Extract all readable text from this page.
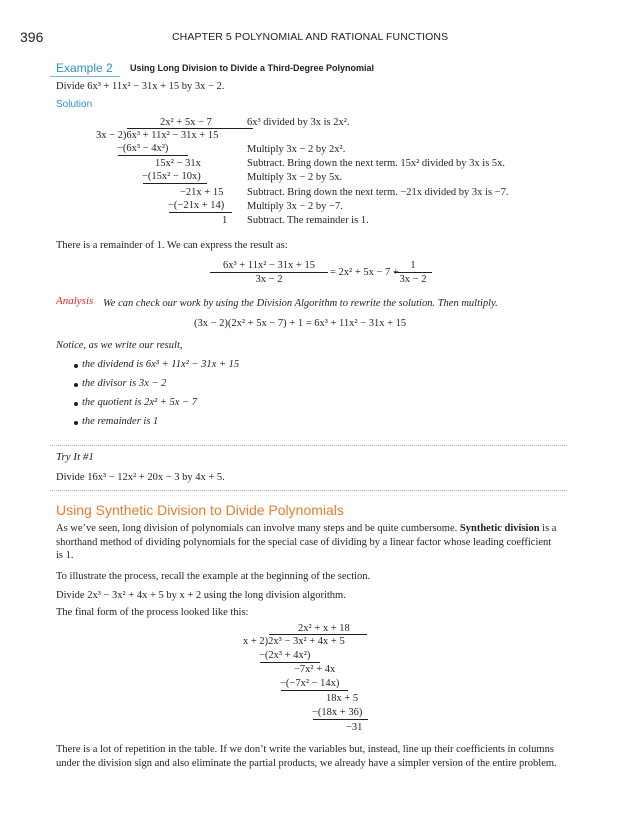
396	CHAPTER 5 POLYNOMIAL AND RATIONAL FUNCTIONS
Example 2 Using Long Division to Divide a Third-Degree Polynomial
Divide 6x³ + 11x² − 31x + 15 by 3x − 2.
Solution
2x² + 5x − 7
3x − 2)6x³ + 11x² − 31x + 15
−(6x³ − 4x²)
15x² − 31x
−(15x² − 10x)
−21x + 15
−(−21x + 14)
1
6x³ divided by 3x is 2x².
Multiply 3x − 2 by 2x².
Subtract. Bring down the next term. 15x² divided by 3x is 5x.
Multiply 3x − 2 by 5x.
Subtract. Bring down the next term. −21x divided by 3x is −7.
Multiply 3x − 2 by −7.
Subtract. The remainder is 1.
There is a remainder of 1. We can express the result as:
$\frac{\text{6x³ + 11x² − 31x + 15}}{3x - 2} = 2x^2 + 5x - 7$ +
$\frac{1}{3x - 2}$
Analysis We can check our work by using the Division Algorithm to rewrite the solution. Then multiply.
(3x − 2)(2x² + 5x − 7) + 1 = 6x³ + 11x² − 31x + 15
Notice, as we write our result,
the dividend is 6x³ + 11x² − 31x + 15
the divisor is 3x − 2
the quotient is 2x² + 5x − 7
the remainder is 1
Try It #1
Divide 16x³ − 12x² + 20x − 3 by 4x + 5.
Using Synthetic Division to Divide Polynomials
As we’ve seen, long division of polynomials can involve many steps and be quite cumbersome. Synthetic division is a
shorthand method of dividing polynomials for the special case of dividing by a linear factor whose leading coefficient
is 1.
To illustrate the process, recall the example at the beginning of the section.
Divide 2x³ − 3x² + 4x + 5 by x + 2 using the long division algorithm.
The final form of the process looked like this:
2x² + x + 18
x + 2)2x³ − 3x² + 4x + 5
−(2x³ + 4x²)
−7x² + 4x
−(−7x² − 14x)
18x + 5
−(18x + 36)
−31
There is a lot of repetition in the table. If we don’t write the variables but, instead, line up their coefficients in columns
under the division sign and also eliminate the partial products, we already have a simpler version of the entire problem.
